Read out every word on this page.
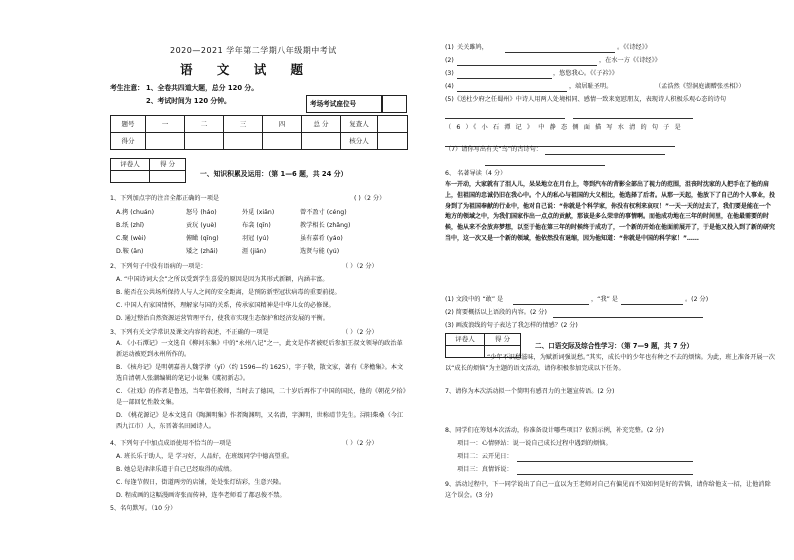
2020—2021 学年第二学期八年级期中考试
语 文 试 题
考生注意： 1、全卷共四道大题，总分 120 分。
2、考试时间为 120 分钟。	考场考试座位号
题号	一	二	三	四	总 分	复查人	
得分						核分人	
评卷人	得 分

一、知识积累及运用：（第 1—6 题，共 24 分）
1、下列加点字的注音全都正确的一项是	( )（2 分）
A.拷 (chuán)	怒号 (háo)	外觅 (xiǎn)	曾不盈寸 (céng)
B.纸 (zhǐ)	贡玩 (yuè)	布衾 (qīn)	教学相长 (zhǎng)
C.聚 (wèi)	俯瞰 (qīng)	羽冠 (yú)	虽有嘉肴 (yáo)
D.鞍 (ān)	矮之 (zhǎi)	涯 (jiān)	选贤与能 (yú)
2、下列句子中没有语病的一项是：	（ ）（2 分）
A. “中国诗词大会”之所以受到学生喜爱的原因是因为其形式新颖，内涵丰富。
B. 能否在公共场所保持人与人之间的安全距离，是预防新型冠状病毒的重要前提。
C. 中国人有家国情怀，理解家与国的关系，传承家国精神是中华儿女的必修课。
D. 通过整治自然资源运营管理平台，使我市实现生态保护和经济发展的平衡。
3、下列有关文学常识及课文内容的表述，不正确的一项是	（ ）（2 分）
A. 《小石潭记》一文选自《柳河东集》中的“永州八记”之一，此文是作者被贬后参加王叔文领导的政治革新运动被贬到永州所作的。
B. 《核舟记》是明朝嘉善人魏学洢（yī）（约 1596—约 1625），字子敬，散文家，著有《茅檐集》。本文选自清朝人张潮编辑的笔记小说集《虞初新志》。
C. 《社戏》的作者是鲁迅，当年曾任教师，当时去了德国，二十岁后再作了中国的国民，他的《朝花夕拾》是一部回忆性散文集。
D. 《桃花源记》是本文选自《陶渊明集》作者陶渊明，又名潜，字渊明，世称靖节先生。浔阳柴桑（今江西九江市）人，东晋著名田园诗人。
4、下列句子中加点成语使用不恰当的一项是	（ ）（2 分）
A. 班长乐于助人，是 学习好，人品好，在班级同学中德高望重。
B. 她总是津津乐道于自己已经取得的成绩。
C. 每逢节假日，街道两旁的店铺，处处张灯结彩，生意兴隆。
D. 程成画的这幅漫画寄张而传神，连李老师看了都忍俊不禁。
5、名句默写。（10 分）
(1) 关关雎鸠，	。《《诗经》》
(2)	，在水一方《《诗经》》
(3)	，悠悠我心。《《子衿》》
(4)	，端居耻圣明。	（孟浩然《望洞庭湖赠张丞相》）
(5)《送杜少府之任蜀州》中诗人用两人处境相同、感情一致来宽慰朋友，表现诗人积极乐观心态的诗句
（ 6 ）《 小 石 潭 记 》 中 静 态 侧 面 描 写 水 清 的 句 子 是
（7）请你写出有关“鸟”的古诗句：
6、 名著导读（4 分）
车一开动，大家就有了泪人儿，呆呆地立在月台上，等到汽车的背影全部出了视力的范围，沮丧时沈家的人把手在了他的肩上，但祖国的忠诚仍旧在我心中。个人的私心与祖国的大义相比，他选择了后者。从那一天起，他放下了自己的个人事业，投身到了为祖国奉献的行业中，他对自己说：“你就是个科学家，你没有权利来哀叹！”一天一天的过去了，我们要是能在一个地方的领域之中，为我们国家作出一点点的贡献，那该是多么荣幸的事情啊。而他成功地在三年的时间里，在他最需要的时候，他从来不会放弃梦想，以至于他在第三年的时候终于成功了，一个新的开始在他面前展开了，于是他又投入到了新的研究当中，这一次又是一个新的领域，他依然没有退缩，因为他知道：“你就是中国的科学家！”……
(1) 文段中的 “敢” 是	，“我” 是	。(2 分)
(2) 简要概括以上语段的内容。(2 分)
(3) 画波浪线的句子表达了我怎样的情感？(2 分)
评卷人	得 分

二、口语交际及综合性学习：（第 7—9 题，共 7 分）
“少年不识愁滋味，为赋新词强说愁。”其实，成长中的少年也有种之不去的烦恼。为此，班上准备开展一次以“成长的烦恼”为主题的语文活动，请你积极参加完成以下任务。
7、请你为本次活动拟一个简明有感召力的主题宣传语。(2 分)
8、同学们在筹划本次活动，你准备设计哪些项目？依照示例，补充完整。(2 分)
项目一：心情驿站：说一说自己成长过程中遇到的烦恼。
项目二：云开见日：
项目三：真情诉说：
9、活动过程中，下一同学说出了自己一直以为王老师对自己有偏见而不知如何是好的苦恼，请你给他支一招，让他消除这个误会。(3 分)
